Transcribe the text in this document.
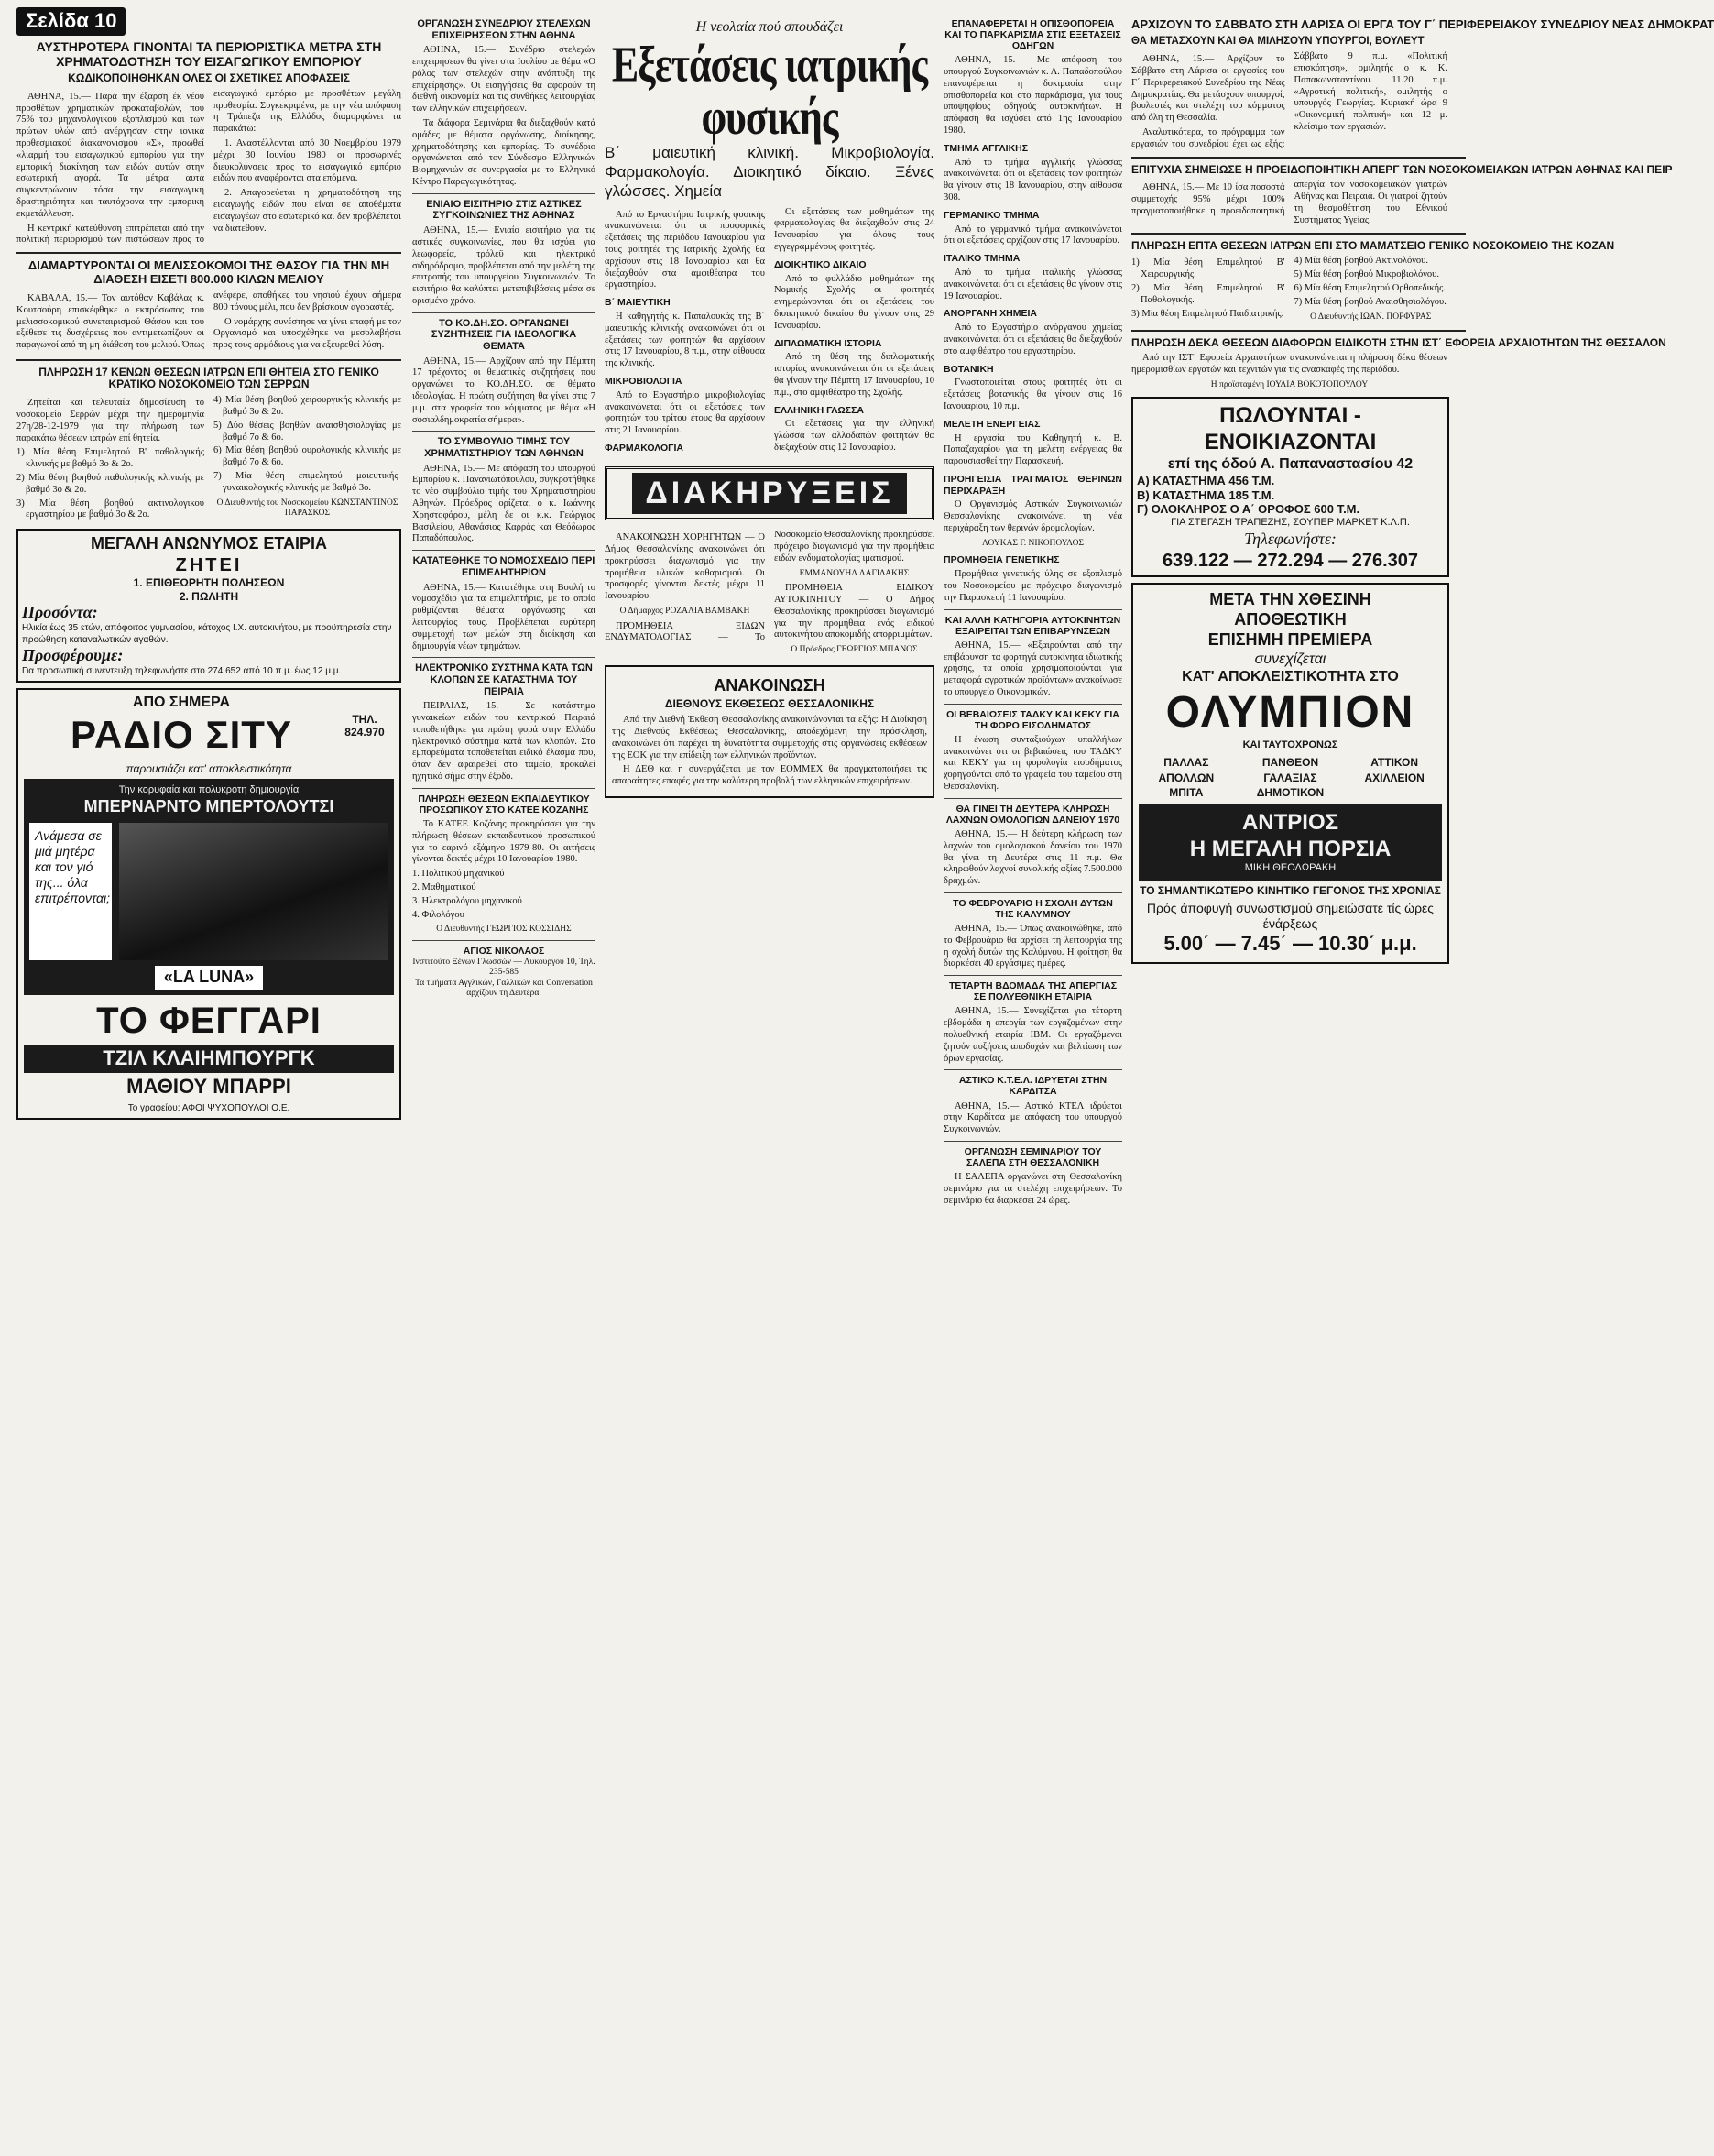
Σελίδα 10
ΑΥΣΤΗΡΟΤΕΡΑ ΓΙΝΟΝΤΑΙ ΤΑ ΠΕΡΙΟΡΙΣΤΙΚΑ ΜΕΤΡΑ ΣΤΗ ΧΡΗΜΑΤΟΔΟΤΗΣΗ ΤΟΥ ΕΙΣΑΓΩΓΙΚΟΥ ΕΜΠΟΡΙΟΥ
ΚΩΔΙΚΟΠΟΙΗΘΗΚΑΝ ΟΛΕΣ ΟΙ ΣΧΕΤΙΚΕΣ ΑΠΟΦΑΣΕΙΣ

ΑΘΗΝΑ, 15.— Παρά την έξαρση έκ νέου προσθέτων χρηματικών προκαταβολών, που 75% του μηχανολογικού εξοπλισμού και των πρώτων υλών από ανέργησαν στην ιονικά προθεσμιακού διακανονισμού «Σ», προωθεί «λιαρμή του εισαγωγικού εμπορίου για την εμπορική διακίνηση των ειδών αυτών στην εσωτερική αγορά. Τα μέτρα αυτά συγκεντρώνουν τόσα την εισαγωγική δραστηριότητα και ταυτόχρονα την εμπορική εκμετάλλευση.

Η κεντρική κατεύθυνση επιτρέπεται από την πολιτική περιορισμού των πιστώσεων προς το εισαγωγικό εμπόριο με προσθέτων μεγάλη προθεσμία. Συγκεκριμένα, με την νέα απόφαση η Τράπεζα της Ελλάδος διαμορφώνει τα παρακάτω:

1. Αναστέλλονται από 30 Νοεμβρίου 1979 μέχρι 30 Ιουνίου 1980 οι προσωρινές διευκολύνσεις προς το εισαγωγικό εμπόριο ειδών που αναφέρονται στα επόμενα.

2. Απαγορεύεται η χρηματοδότηση της εισαγωγής ειδών που είναι σε αποθέματα εισαγωγέων στο εσωτερικό και δεν προβλέπεται να διατεθούν.

ΔΙΑΜΑΡΤΥΡΟΝΤΑΙ ΟΙ ΜΕΛΙΣΣΟΚΟΜΟΙ ΤΗΣ ΘΑΣΟΥ ΓΙΑ ΤΗΝ ΜΗ ΔΙΑΘΕΣΗ ΕΙΣΕΤΙ 800.000 ΚΙΛΩΝ ΜΕΛΙΟΥ

ΚΑΒΑΛΑ, 15.— Τον αυτόθαν Καβάλας κ. Κουτσούρη επισκέφθηκε ο εκπρόσωπος του μελισσοκομικού συνεταιρισμού Θάσου και του εξέθεσε τις δυσχέρειες που αντιμετωπίζουν οι παραγωγοί από τη μη διάθεση του μελιού. Όπως ανέφερε, αποθήκες του νησιού έχουν σήμερα 800 τόνους μέλι, που δεν βρίσκουν αγοραστές.

Ο νομάρχης συνέστησε να γίνει επαφή με τον Οργανισμό και υποσχέθηκε να μεσολαβήσει προς τους αρμόδιους για να εξευρεθεί λύση.

ΠΛΗΡΩΣΗ 17 ΚΕΝΩΝ ΘΕΣΕΩΝ ΙΑΤΡΩΝ ΕΠΙ ΘΗΤΕΙΑ ΣΤΟ ΓΕΝΙΚΟ ΚΡΑΤΙΚΟ ΝΟΣΟΚΟΜΕΙΟ ΤΩΝ ΣΕΡΡΩΝ

Ζητείται και τελευταία δημοσίευση το νοσοκομείο Σερρών μέχρι την ημερομηνία 27η/28-12-1979 για την πλήρωση των παρακάτω θέσεων ιατρών επί θητεία.

1) Μία θέση Επιμελητού Β' παθολογικής κλινικής με βαθμό 3ο & 2ο.
2) Μία θέση βοηθού παθολογικής κλινικής με βαθμό 3ο & 2ο.
3) Μία θέση βοηθού ακτινολογικού εργαστηρίου με βαθμό 3ο & 2ο.
4) Μία θέση βοηθού χειρουργικής κλινικής με βαθμό 3ο & 2ο.
5) Δύο θέσεις βοηθών αναισθησιολογίας με βαθμό 7ο & 6ο.
6) Μία θέση βοηθού ουρολογικής κλινικής με βαθμό 7ο & 6ο.
7) Μία θέση επιμελητού μαιευτικής-γυναικολογικής κλινικής με βαθμό 3ο.
Ο Διευθυντής του Νοσοκομείου ΚΩΝΣΤΑΝΤΙΝΟΣ ΠΑΡΑΣΚΟΣ
ΜΕΓΑΛΗ ΑΝΩΝΥΜΟΣ ΕΤΑΙΡΙΑ
ΖΗΤΕΙ
1. ΕΠΙΘΕΩΡΗΤΗ ΠΩΛΗΣΕΩΝ
2. ΠΩΛΗΤΗ
Προσόντα:
Ηλικία έως 35 ετών, απόφοιτος γυμνασίου, κάτοχος Ι.Χ. αυτοκινήτου, με προϋπηρεσία στην προώθηση καταναλωτικών αγαθών.
Προσφέρουμε:
Για προσωπική συνέντευξη τηλεφωνήστε στο 274.652 από 10 π.μ. έως 12 μ.μ.
ΑΠΟ ΣΗΜΕΡΑ
ΡΑΔΙΟ ΣΙΤΥ	ΤΗΛ. 824.970
παρουσιάζει κατ' αποκλειστικότητα
Την κορυφαία και πολυκροτη δημιουργία
ΜΠΕΡΝΑΡΝΤΟ ΜΠΕΡΤΟΛΟΥΤΣΙ
Ανάμεσα σε μιά μητέρα και τον γιό της... όλα επιτρέπονται;
«LA LUNA»
ΤΟ ΦΕΓΓΑΡΙ
ΤΖΙΛ ΚΛΑΙΗΜΠΟΥΡΓΚ
ΜΑΘΙΟΥ ΜΠΑΡΡΙ
Το γραφείου: ΑΦΟΙ ΨΥΧΟΠΟΥΛΟΙ Ο.Ε.
ΟΡΓΑΝΩΣΗ ΣΥΝΕΔΡΙΟΥ ΣΤΕΛΕΧΩΝ ΕΠΙΧΕΙΡΗΣΕΩΝ ΣΤΗΝ ΑΘΗΝΑ

ΑΘΗΝΑ, 15.— Συνέδριο στελεχών επιχειρήσεων θα γίνει στα Ιουλίου με θέμα «Ο ρόλος των στελεχών στην ανάπτυξη της επιχείρησης». Οι εισηγήσεις θα αφορούν τη διεθνή οικονομία και τις συνθήκες λειτουργίας των ελληνικών επιχειρήσεων.

Τα διάφορα Σεμινάρια θα διεξαχθούν κατά ομάδες με θέματα οργάνωσης, διοίκησης, χρηματοδότησης και εμπορίας. Το συνέδριο οργανώνεται από τον Σύνδεσμο Ελληνικών Βιομηχανιών σε συνεργασία με το Ελληνικό Κέντρο Παραγωγικότητας.

ΕΝΙΑΙΟ ΕΙΣΙΤΗΡΙΟ ΣΤΙΣ ΑΣΤΙΚΕΣ ΣΥΓΚΟΙΝΩΝΙΕΣ ΤΗΣ ΑΘΗΝΑΣ

ΑΘΗΝΑ, 15.— Ενιαίο εισιτήριο για τις αστικές συγκοινωνίες, που θα ισχύει για λεωφορεία, τρόλεϋ και ηλεκτρικό σιδηρόδρομο, προβλέπεται από την μελέτη της επιτροπής του υπουργείου Συγκοινωνιών. Το εισιτήριο θα καλύπτει μετεπιβιβάσεις μέσα σε ορισμένο χρόνο.

ΤΟ ΚΟ.ΔΗ.ΣΟ. ΟΡΓΑΝΩΝΕΙ ΣΥΖΗΤΗΣΕΙΣ ΓΙΑ ΙΔΕΟΛΟΓΙΚΑ ΘΕΜΑΤΑ

ΑΘΗΝΑ, 15.— Αρχίζουν από την Πέμπτη 17 τρέχοντος οι θεματικές συζητήσεις που οργανώνει το ΚΟ.ΔΗ.ΣΟ. σε θέματα ιδεολογίας. Η πρώτη συζήτηση θα γίνει στις 7 μ.μ. στα γραφεία του κόμματος με θέμα «Η σοσιαλδημοκρατία σήμερα».

ΤΟ ΣΥΜΒΟΥΛΙΟ ΤΙΜΗΣ ΤΟΥ ΧΡΗΜΑΤΙΣΤΗΡΙΟΥ ΤΩΝ ΑΘΗΝΩΝ

ΑΘΗΝΑ, 15.— Με απόφαση του υπουργού Εμπορίου κ. Παναγιωτόπουλου, συγκροτήθηκε το νέο συμβούλιο τιμής του Χρηματιστηρίου Αθηνών. Πρόεδρος ορίζεται ο κ. Ιωάννης Χρηστοφόρου, μέλη δε οι κ.κ. Γεώργιος Βασιλείου, Αθανάσιος Καρράς και Θεόδωρος Παπαδόπουλος.

ΚΑΤΑΤΕΘΗΚΕ ΤΟ ΝΟΜΟΣΧΕΔΙΟ ΠΕΡΙ ΕΠΙΜΕΛΗΤΗΡΙΩΝ

ΑΘΗΝΑ, 15.— Κατατέθηκε στη Βουλή το νομοσχέδιο για τα επιμελητήρια, με το οποίο ρυθμίζονται θέματα οργάνωσης και λειτουργίας τους. Προβλέπεται ευρύτερη συμμετοχή των μελών στη διοίκηση και δημιουργία νέων τμημάτων.

ΗΛΕΚΤΡΟΝΙΚΟ ΣΥΣΤΗΜΑ ΚΑΤΑ ΤΩΝ ΚΛΟΠΩΝ ΣΕ ΚΑΤΑΣΤΗΜΑ ΤΟΥ ΠΕΙΡΑΙΑ

ΠΕΙΡΑΙΑΣ, 15.— Σε κατάστημα γυναικείων ειδών του κεντρικού Πειραιά τοποθετήθηκε για πρώτη φορά στην Ελλάδα ηλεκτρονικό σύστημα κατά των κλοπών. Στα εμπορεύματα τοποθετείται ειδικό έλασμα που, όταν δεν αφαιρεθεί στο ταμείο, προκαλεί ηχητικό σήμα στην έξοδο.

ΠΛΗΡΩΣΗ ΘΕΣΕΩΝ ΕΚΠΑΙΔΕΥΤΙΚΟΥ ΠΡΟΣΩΠΙΚΟΥ ΣΤΟ ΚΑΤΕΕ ΚΟΖΑΝΗΣ

Το ΚΑΤΕΕ Κοζάνης προκηρύσσει για την πλήρωση θέσεων εκπαιδευτικού προσωπικού για το εαρινό εξάμηνο 1979-80. Οι αιτήσεις γίνονται δεκτές μέχρι 10 Ιανουαρίου 1980.

1. Πολιτικού μηχανικού
2. Μαθηματικού
3. Ηλεκτρολόγου μηχανικού
4. Φιλολόγου
Ο Διευθυντής ΓΕΩΡΓΙΟΣ ΚΟΣΣΙΔΗΣ
ΑΓΙΟΣ ΝΙΚΟΛΑΟΣ
Ινστιτούτο Ξένων Γλωσσών — Λυκουργού 10, Τηλ. 235-585
Τα τμήματα Αγγλικών, Γαλλικών και Conversation αρχίζουν τη Δευτέρα.
Η νεολαία πού σπουδάζει
Εξετάσεις ιατρικής φυσικής
Β΄ μαιευτική κλινική. Μικροβιολογία. Φαρμακολογία. Διοικητικό δίκαιο. Ξένες γλώσσες. Χημεία

Από το Εργαστήριο Ιατρικής φυσικής ανακοινώνεται ότι οι προφορικές εξετάσεις της περιόδου Ιανουαρίου για τους φοιτητές της Ιατρικής Σχολής θα αρχίσουν στις 18 Ιανουαρίου και θα διεξαχθούν στα αμφιθέατρα του εργαστηρίου.

Β΄ ΜΑΙΕΥΤΙΚΗ

Η καθηγητής κ. Παπαλουκάς της Β΄ μαιευτικής κλινικής ανακοινώνει ότι οι εξετάσεις των φοιτητών θα αρχίσουν στις 17 Ιανουαρίου, 8 π.μ., στην αίθουσα της κλινικής.

ΜΙΚΡΟΒΙΟΛΟΓΙΑ

Από το Εργαστήριο μικροβιολογίας ανακοινώνεται ότι οι εξετάσεις των φοιτητών του τρίτου έτους θα αρχίσουν στις 21 Ιανουαρίου.

ΦΑΡΜΑΚΟΛΟΓΙΑ

Οι εξετάσεις των μαθημάτων της φαρμακολογίας θα διεξαχθούν στις 24 Ιανουαρίου για όλους τους εγγεγραμμένους φοιτητές.

ΔΙΟΙΚΗΤΙΚΟ ΔΙΚΑΙΟ

Από το φυλλάδιο μαθημάτων της Νομικής Σχολής οι φοιτητές ενημερώνονται ότι οι εξετάσεις του διοικητικού δικαίου θα γίνουν στις 29 Ιανουαρίου.

ΔΙΠΛΩΜΑΤΙΚΗ ΙΣΤΟΡΙΑ

Από τη θέση της διπλωματικής ιστορίας ανακοινώνεται ότι οι εξετάσεις θα γίνουν την Πέμπτη 17 Ιανουαρίου, 10 π.μ., στο αμφιθέατρο της Σχολής.

ΕΛΛΗΝΙΚΗ ΓΛΩΣΣΑ

Οι εξετάσεις για την ελληνική γλώσσα των αλλοδαπών φοιτητών θα διεξαχθούν στις 12 Ιανουαρίου.

ΔΙΑΚΗΡΥΞΕΙΣ

ΑΝΑΚΟΙΝΩΣΗ ΧΟΡΗΓΗΤΩΝ — Ο Δήμος Θεσσαλονίκης ανακοινώνει ότι προκηρύσσει διαγωνισμό για την προμήθεια υλικών καθαρισμού. Οι προσφορές γίνονται δεκτές μέχρι 11 Ιανουαρίου.

Ο Δήμαρχος ΡΟΖΑΛΙΑ ΒΑΜΒΑΚΗ

ΠΡΟΜΗΘΕΙΑ ΕΙΔΩΝ ΕΝΔΥΜΑΤΟΛΟΓΙΑΣ — Το Νοσοκομείο Θεσσαλονίκης προκηρύσσει πρόχειρο διαγωνισμό για την προμήθεια ειδών ενδυματολογίας ιματισμού.

ΕΜΜΑΝΟΥΗΛ ΛΑΓΙΔΑΚΗΣ

ΠΡΟΜΗΘΕΙΑ ΕΙΔΙΚΟΥ ΑΥΤΟΚΙΝΗΤΟΥ — Ο Δήμος Θεσσαλονίκης προκηρύσσει διαγωνισμό για την προμήθεια ενός ειδικού αυτοκινήτου αποκομιδής απορριμμάτων.

Ο Πρόεδρος ΓΕΩΡΓΙΟΣ ΜΠΑΝΟΣ
ΑΝΑΚΟΙΝΩΣΗ
ΔΙΕΘΝΟΥΣ ΕΚΘΕΣΕΩΣ ΘΕΣΣΑΛΟΝΙΚΗΣ

Από την Διεθνή Έκθεση Θεσσαλονίκης ανακοινώνονται τα εξής: Η Διοίκηση της Διεθνούς Εκθέσεως Θεσσαλονίκης, αποδεχόμενη την πρόσκληση, ανακοινώνει ότι παρέχει τη δυνατότητα συμμετοχής στις οργανώσεις εκθέσεων της ΕΟΚ για την επίδειξη των ελληνικών προϊόντων.

Η ΔΕΘ και η συνεργάζεται με τον ΕΟΜΜΕΧ θα πραγματοποιήσει τις απαραίτητες επαφές για την καλύτερη προβολή των ελληνικών επιχειρήσεων.

ΕΠΑΝΑΦΕΡΕΤΑΙ Η ΟΠΙΣΘΟΠΟΡΕΙΑ ΚΑΙ ΤΟ ΠΑΡΚΑΡΙΣΜΑ ΣΤΙΣ ΕΞΕΤΑΣΕΙΣ ΟΔΗΓΩΝ

ΑΘΗΝΑ, 15.— Με απόφαση του υπουργού Συγκοινωνιών κ. Λ. Παπαδοπούλου επαναφέρεται η δοκιμασία στην οπισθοπορεία και στο παρκάρισμα, για τους υποψηφίους οδηγούς αυτοκινήτων. Η απόφαση θα ισχύσει από 1ης Ιανουαρίου 1980.

ΤΜΗΜΑ ΑΓΓΛΙΚΗΣ

Από το τμήμα αγγλικής γλώσσας ανακοινώνεται ότι οι εξετάσεις των φοιτητών θα γίνουν στις 18 Ιανουαρίου, στην αίθουσα 308.

ΓΕΡΜΑΝΙΚΟ ΤΜΗΜΑ

Από το γερμανικό τμήμα ανακοινώνεται ότι οι εξετάσεις αρχίζουν στις 17 Ιανουαρίου.

ΙΤΑΛΙΚΟ ΤΜΗΜΑ

Από το τμήμα ιταλικής γλώσσας ανακοινώνεται ότι οι εξετάσεις θα γίνουν στις 19 Ιανουαρίου.

ΑΝΟΡΓΑΝΗ ΧΗΜΕΙΑ

Από το Εργαστήριο ανόργανου χημείας ανακοινώνεται ότι οι εξετάσεις θα διεξαχθούν στο αμφιθέατρο του εργαστηρίου.

ΒΟΤΑΝΙΚΗ

Γνωστοποιείται στους φοιτητές ότι οι εξετάσεις βοτανικής θα γίνουν στις 16 Ιανουαρίου, 10 π.μ.

ΜΕΛΕΤΗ ΕΝΕΡΓΕΙΑΣ

Η εργασία του Καθηγητή κ. Β. Παπαζαχαρίου για τη μελέτη ενέργειας θα παρουσιασθεί την Παρασκευή.

ΠΡΟΗΓΕΙΣΙΑ ΤΡΑΓΜΑΤΟΣ ΘΕΡΙΝΩΝ ΠΕΡΙΧΑΡΑΞΗ

Ο Οργανισμός Αστικών Συγκοινωνιών Θεσσαλονίκης ανακοινώνει τη νέα περιχάραξη των θερινών δρομολογίων.

ΛΟΥΚΑΣ Γ. ΝΙΚΟΠΟΥΛΟΣ
ΠΡΟΜΗΘΕΙΑ ΓΕΝΕΤΙΚΗΣ

Προμήθεια γενετικής ύλης σε εξοπλισμό του Νοσοκομείου με πρόχειρο διαγωνισμό την Παρασκευή 11 Ιανουαρίου.

ΚΑΙ ΑΛΛΗ ΚΑΤΗΓΟΡΙΑ ΑΥΤΟΚΙΝΗΤΩΝ ΕΞΑΙΡΕΙΤΑΙ ΤΩΝ ΕΠΙΒΑΡΥΝΣΕΩΝ

ΑΘΗΝΑ, 15.— «Εξαιρούνται από την επιβάρυνση τα φορτηγά αυτοκίνητα ιδιωτικής χρήσης, τα οποία χρησιμοποιούνται για μεταφορά αγροτικών προϊόντων» ανακοίνωσε το υπουργείο Οικονομικών.

ΟΙ ΒΕΒΑΙΩΣΕΙΣ ΤΑΔΚΥ ΚΑΙ ΚΕΚΥ ΓΙΑ ΤΗ ΦΟΡΟ ΕΙΣΟΔΗΜΑΤΟΣ

Η ένωση συνταξιούχων υπαλλήλων ανακοινώνει ότι οι βεβαιώσεις του ΤΑΔΚΥ και ΚΕΚΥ για τη φορολογία εισοδήματος χορηγούνται από τα γραφεία του ταμείου στη Θεσσαλονίκη.

ΘΑ ΓΙΝΕΙ ΤΗ ΔΕΥΤΕΡΑ ΚΛΗΡΩΣΗ ΛΑΧΝΩΝ ΟΜΟΛΟΓΙΩΝ ΔΑΝΕΙΟΥ 1970

ΑΘΗΝΑ, 15.— Η δεύτερη κλήρωση των λαχνών του ομολογιακού δανείου του 1970 θα γίνει τη Δευτέρα στις 11 π.μ. Θα κληρωθούν λαχνοί συνολικής αξίας 7.500.000 δραχμών.

ΤΟ ΦΕΒΡΟΥΑΡΙΟ Η ΣΧΟΛΗ ΔΥΤΩΝ ΤΗΣ ΚΑΛΥΜΝΟΥ

ΑΘΗΝΑ, 15.— Όπως ανακοινώθηκε, από το Φεβρουάριο θα αρχίσει τη λειτουργία της η σχολή δυτών της Καλύμνου. Η φοίτηση θα διαρκέσει 40 εργάσιμες ημέρες.

ΤΕΤΑΡΤΗ ΒΔΟΜΑΔΑ ΤΗΣ ΑΠΕΡΓΙΑΣ ΣΕ ΠΟΛΥΕΘΝΙΚΗ ΕΤΑΙΡΙΑ

ΑΘΗΝΑ, 15.— Συνεχίζεται για τέταρτη εβδομάδα η απεργία των εργαζομένων στην πολυεθνική εταιρία ΙΒΜ. Οι εργαζόμενοι ζητούν αυξήσεις αποδοχών και βελτίωση των όρων εργασίας.

ΑΣΤΙΚΟ Κ.Τ.Ε.Λ. ΙΔΡΥΕΤΑΙ ΣΤΗΝ ΚΑΡΔΙΤΣΑ

ΑΘΗΝΑ, 15.— Αστικό ΚΤΕΛ ιδρύεται στην Καρδίτσα με απόφαση του υπουργού Συγκοινωνιών.

ΟΡΓΑΝΩΣΗ ΣΕΜΙΝΑΡΙΟΥ ΤΟΥ ΣΑΛΕΠΑ ΣΤΗ ΘΕΣΣΑΛΟΝΙΚΗ

Η ΣΑΛΕΠΑ οργανώνει στη Θεσσαλονίκη σεμινάριο για τα στελέχη επιχειρήσεων. Το σεμινάριο θα διαρκέσει 24 ώρες.

ΑΡΧΙΖΟΥΝ ΤΟ ΣΑΒΒΑΤΟ ΣΤΗ ΛΑΡΙΣΑ ΟΙ ΕΡΓΑ ΤΟΥ Γ΄ ΠΕΡΙΦΕΡΕΙΑΚΟΥ ΣΥΝΕΔΡΙΟΥ ΝΕΑΣ ΔΗΜΟΚΡΑΤ
ΘΑ ΜΕΤΑΣΧΟΥΝ ΚΑΙ ΘΑ ΜΙΛΗΣΟΥΝ ΥΠΟΥΡΓΟΙ, ΒΟΥΛΕΥΤ

ΑΘΗΝΑ, 15.— Αρχίζουν το Σάββατο στη Λάρισα οι εργασίες του Γ΄ Περιφερειακού Συνεδρίου της Νέας Δημοκρατίας. Θα μετάσχουν υπουργοί, βουλευτές και στελέχη του κόμματος από όλη τη Θεσσαλία.

Αναλυτικότερα, το πρόγραμμα των εργασιών του συνεδρίου έχει ως εξής: Σάββατο 9 π.μ. «Πολιτική επισκόπηση», ομιλητής ο κ. Κ. Παπακωνσταντίνου. 11.20 π.μ. «Αγροτική πολιτική», ομιλητής ο υπουργός Γεωργίας. Κυριακή ώρα 9 «Οικονομική πολιτική» και 12 μ. κλείσιμο των εργασιών.

ΕΠΙΤΥΧΙΑ ΣΗΜΕΙΩΣΕ Η ΠΡΟΕΙΔΟΠΟΙΗΤΙΚΗ ΑΠΕΡΓ ΤΩΝ ΝΟΣΟΚΟΜΕΙΑΚΩΝ ΙΑΤΡΩΝ ΑΘΗΝΑΣ ΚΑΙ ΠΕΙΡ

ΑΘΗΝΑ, 15.— Με 10 ίσα ποσοστά συμμετοχής 95% μέχρι 100% πραγματοποιήθηκε η προειδοποιητική απεργία των νοσοκομειακών γιατρών Αθήνας και Πειραιά. Οι γιατροί ζητούν τη θεσμοθέτηση του Εθνικού Συστήματος Υγείας.

ΠΛΗΡΩΣΗ ΕΠΤΑ ΘΕΣΕΩΝ ΙΑΤΡΩΝ ΕΠΙ ΣΤΟ ΜΑΜΑΤΣΕΙΟ ΓΕΝΙΚΟ ΝΟΣΟΚΟΜΕΙΟ ΤΗΣ ΚΟΖΑΝ
1) Μία θέση Επιμελητού Β' Χειρουργικής.
2) Μία θέση Επιμελητού Β' Παθολογικής.
3) Μία θέση Επιμελητού Παιδιατρικής.
4) Μία θέση βοηθού Ακτινολόγου.
5) Μία θέση βοηθού Μικροβιολόγου.
6) Μία θέση Επιμελητού Ορθοπεδικής.
7) Μία θέση βοηθού Αναισθησιολόγου.
Ο Διευθυντής ΙΩΑΝ. ΠΟΡΦΥΡΑΣ
ΠΛΗΡΩΣΗ ΔΕΚΑ ΘΕΣΕΩΝ ΔΙΑΦΟΡΩΝ ΕΙΔΙΚΟΤΗ ΣΤΗΝ ΙΣΤ΄ ΕΦΟΡΕΙΑ ΑΡΧΑΙΟΤΗΤΩΝ ΤΗΣ ΘΕΣΣΑΛΟΝ

Από την ΙΣΤ΄ Εφορεία Αρχαιοτήτων ανακοινώνεται η πλήρωση δέκα θέσεων ημερομισθίων εργατών και τεχνιτών για τις ανασκαφές της περιόδου.

Η προϊσταμένη ΙΟΥΛΙΑ ΒΟΚΟΤΟΠΟΥΛΟΥ
ΠΩΛΟΥΝΤΑΙ - ΕΝΟΙΚΙΑΖΟΝΤΑΙ
επί της όδού Α. Παπαναστασίου 42
Α) ΚΑΤΑΣΤΗΜΑ 456 Τ.Μ.
Β) ΚΑΤΑΣΤΗΜΑ 185 Τ.Μ.
Γ) ΟΛΟΚΛΗΡΟΣ Ο Α΄ ΟΡΟΦΟΣ 600 Τ.Μ.
ΓΙΑ ΣΤΕΓΑΣΗ ΤΡΑΠΕΖΗΣ, ΣΟΥΠΕΡ ΜΑΡΚΕΤ Κ.Λ.Π.
Τηλεφωνήστε:
639.122 — 272.294 — 276.307
ΜΕΤΑ ΤΗΝ ΧΘΕΣΙΝΗ
ΑΠΟΘΕΩΤΙΚΗ
ΕΠΙΣΗΜΗ ΠΡΕΜΙΕΡΑ
συνεχίζεται
ΚΑΤ' ΑΠΟΚΛΕΙΣΤΙΚΟΤΗΤΑ ΣΤΟ
ΟΛΥΜΠΙΟΝ
ΚΑΙ ΤΑΥΤΟΧΡΟΝΩΣ
ΠΑΛΛΑΣ	ΠΑΝΘΕΟΝ	ΑΤΤΙΚΟΝ
ΑΠΟΛΛΩΝ	ΓΑΛΑΞΙΑΣ	ΑΧΙΛΛΕΙΟΝ
ΜΠΙΤΑ	ΔΗΜΟΤΙΚΟΝ
ΑΝΤΡΙΟΣ
Η ΜΕΓΑΛΗ ΠΟΡΣΙΑ
ΜΙΚΗ ΘΕΟΔΩΡΑΚΗ
ΤΟ ΣΗΜΑΝΤΙΚΩΤΕΡΟ ΚΙΝΗΤΙΚΟ ΓΕΓΟΝΟΣ ΤΗΣ ΧΡΟΝΙΑΣ
Πρός άποφυγή συνωστισμού σημειώσατε τίς ώρες ένάρξεως
5.00΄ — 7.45΄ — 10.30΄ μ.μ.
